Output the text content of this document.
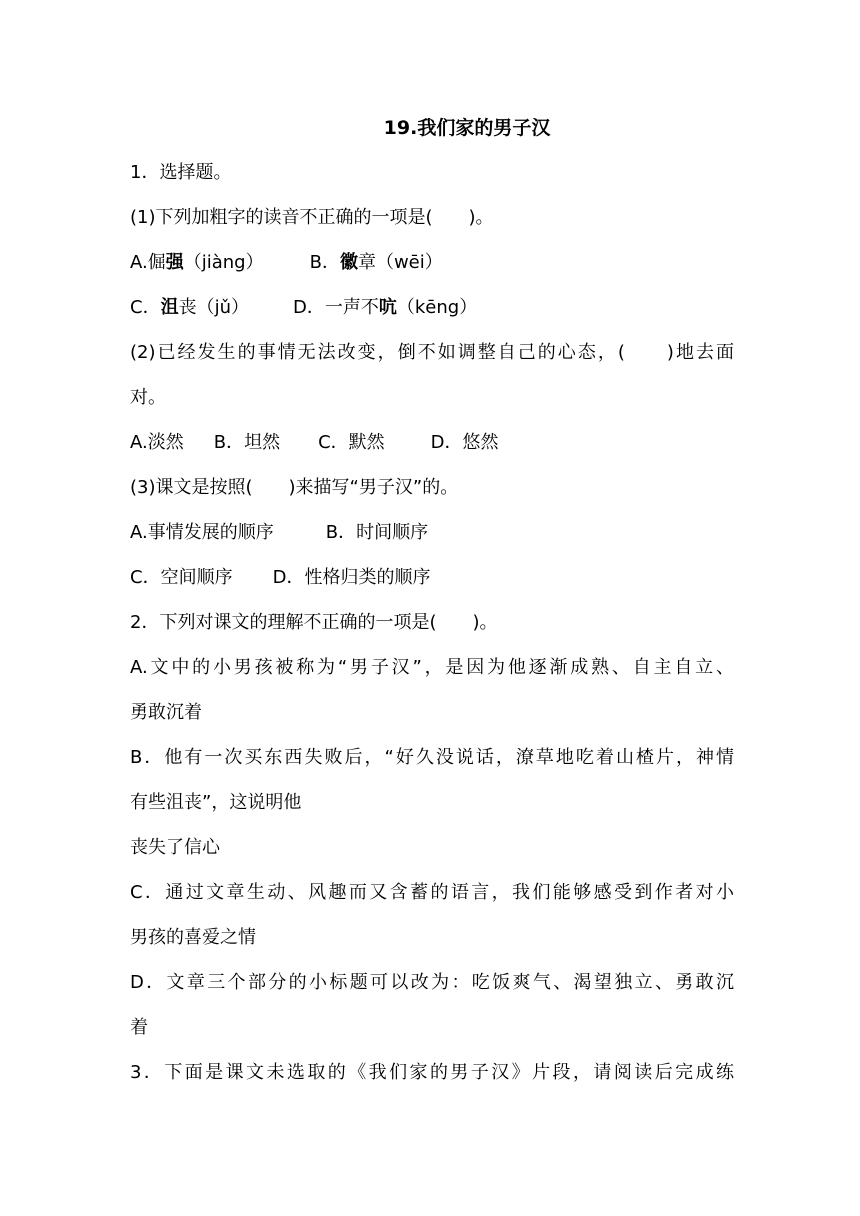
19.我们家的男子汉
1．选择题。
(1)下列加粗字的读音不正确的一项是(　　)。
A.倔强（jiàng）	B．徽章（wēi）
C．沮丧（jǔ） D．一声不吭（kēng）
(2)已经发生的事情无法改变，倒不如调整自己的心态，(　　)地去面
对。
A.淡然 B．坦然 C．默然	D．悠然
(3)课文是按照(　　)来描写“男子汉”的。
A.事情发展的顺序	B．时间顺序
C．空间顺序 D．性格归类的顺序
2．下列对课文的理解不正确的一项是(　　)。
A.文中的小男孩被称为“男子汉”，是因为他逐渐成熟、自主自立、
勇敢沉着
B．他有一次买东西失败后，“好久没说话，潦草地吃着山楂片，神情
有些沮丧”，这说明他
丧失了信心
C．通过文章生动、风趣而又含蓄的语言，我们能够感受到作者对小
男孩的喜爱之情
D．文章三个部分的小标题可以改为：吃饭爽气、渴望独立、勇敢沉
着
3．下面是课文未选取的《我们家的男子汉》片段，请阅读后完成练
